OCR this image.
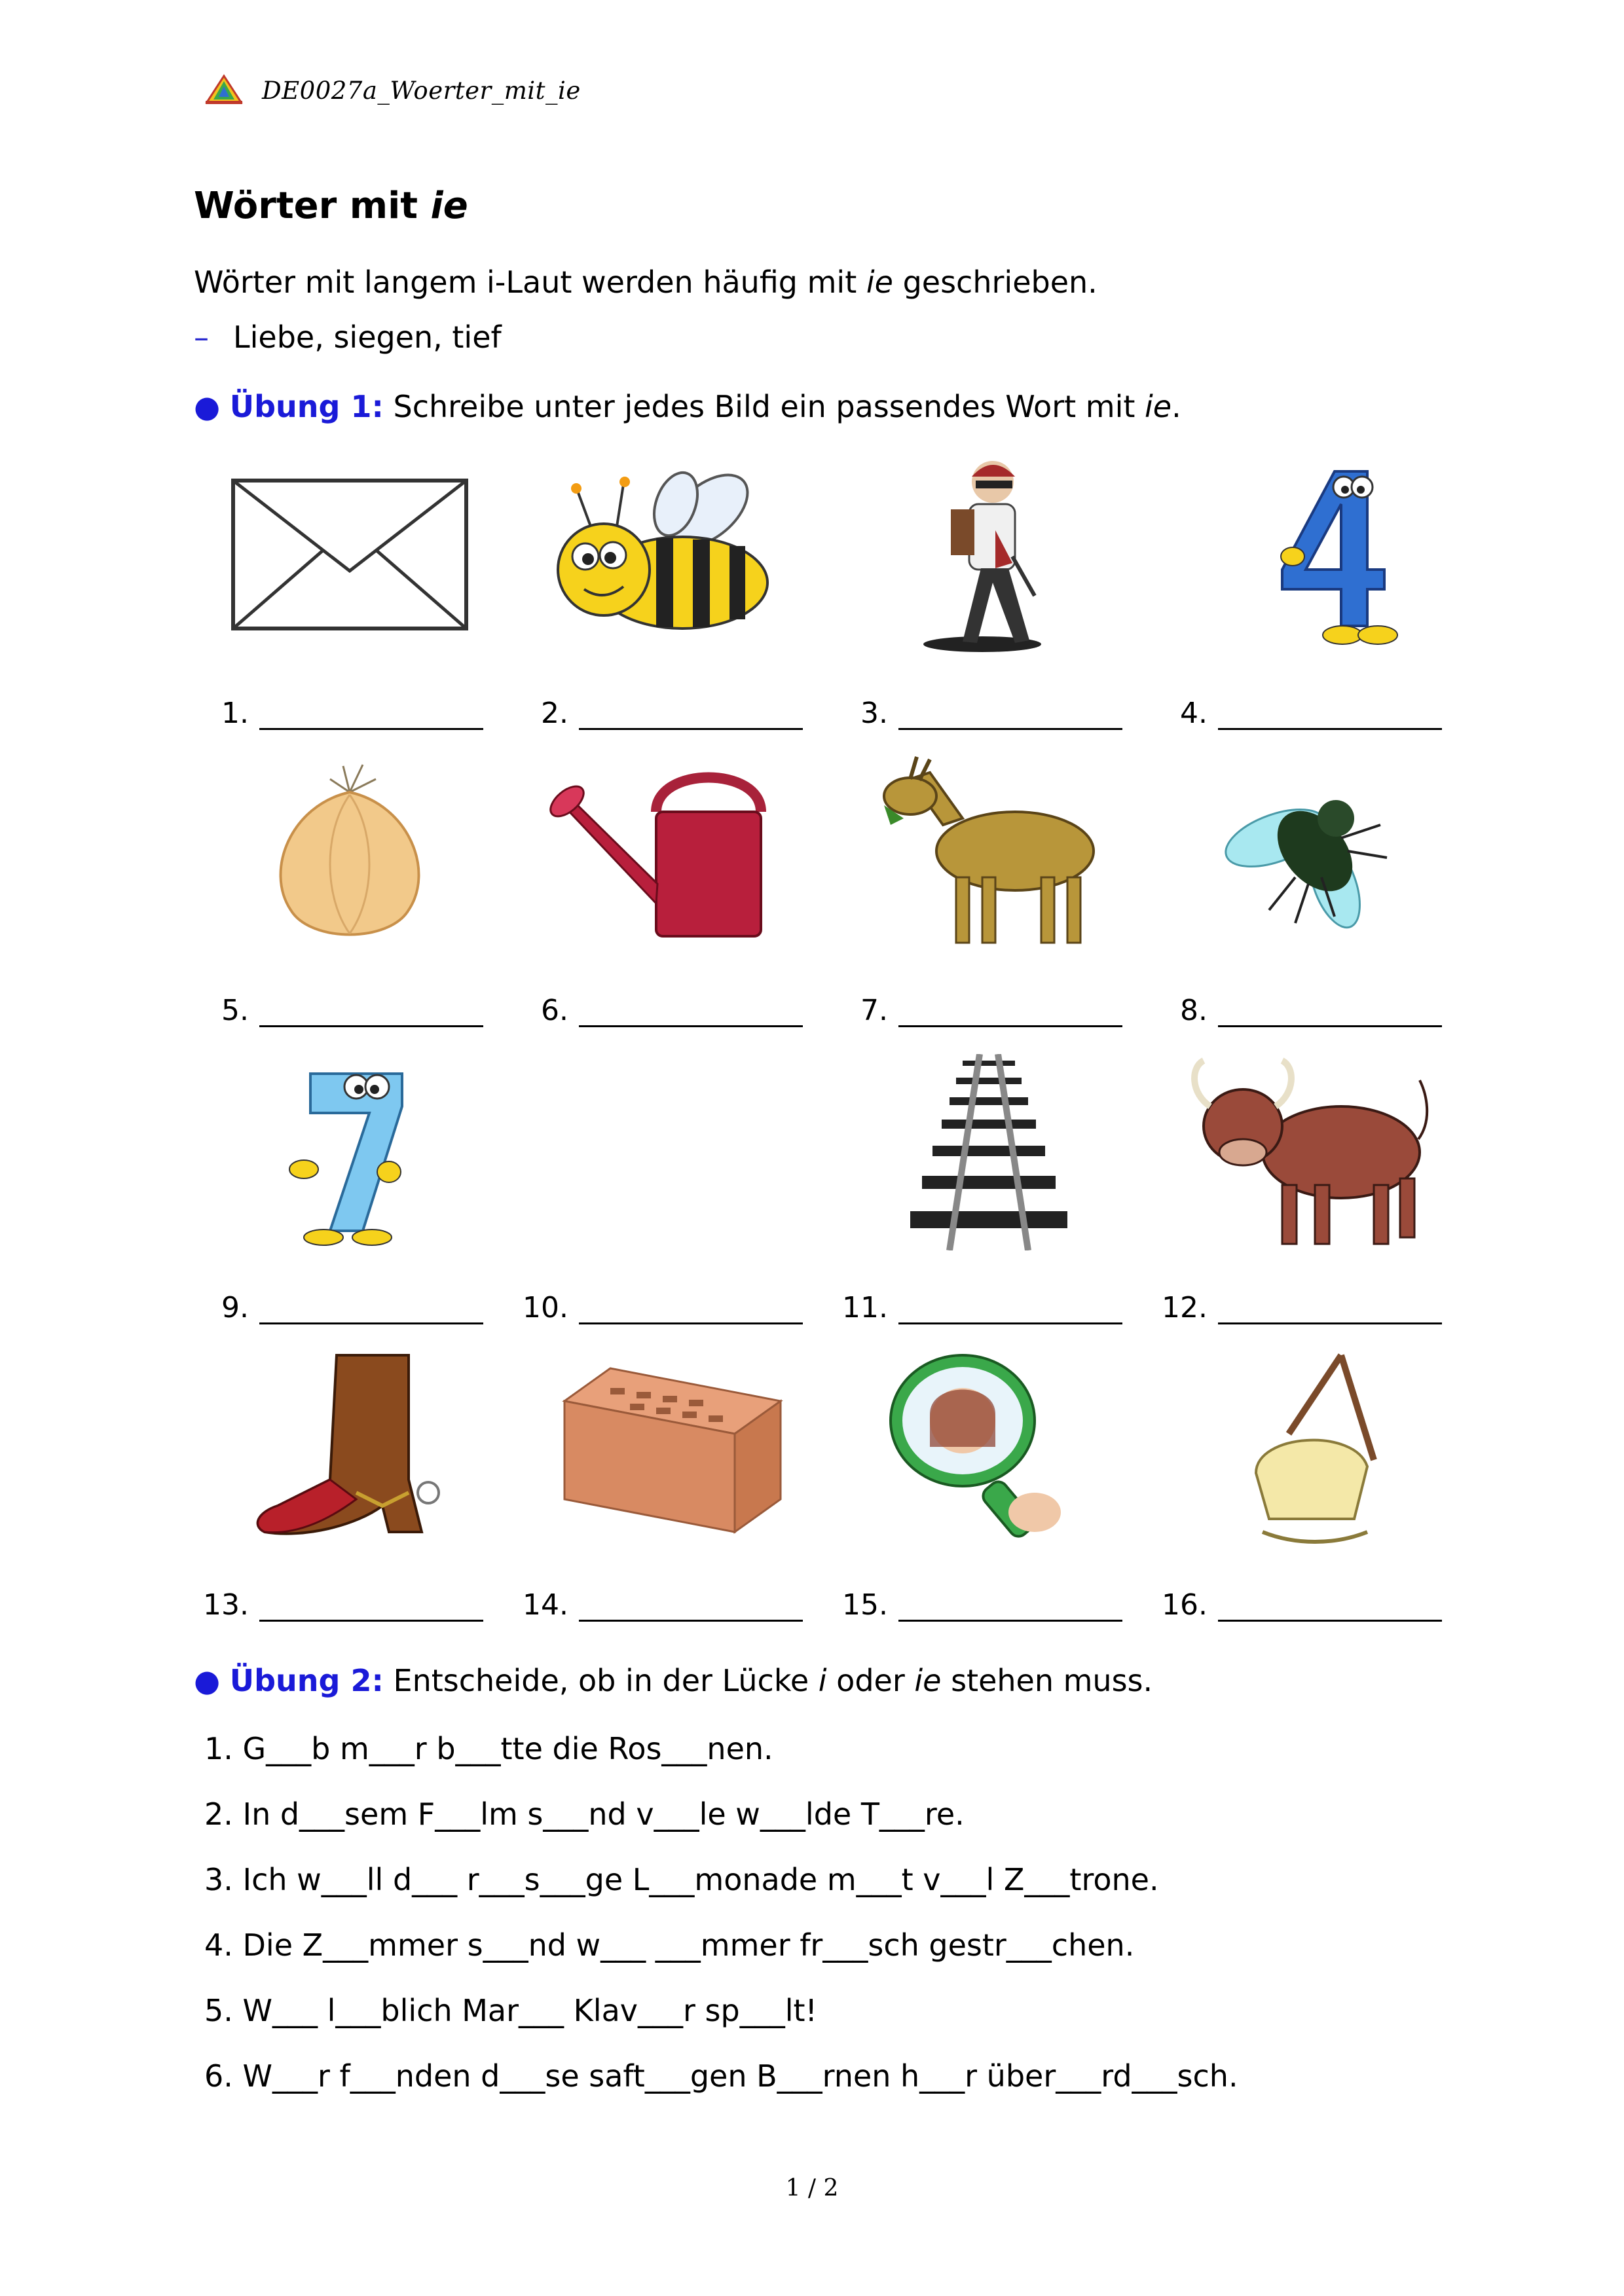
DE0027a_Woerter_mit_ie
Wörter mit ie
Wörter mit langem i-Laut werden häufig mit ie geschrieben.
– Liebe, siegen, tief
● Übung 1: Schreibe unter jedes Bild ein passendes Wort mit ie.
1.	2.	3.	4.
5.	6.	7.	8.
9.	10.	11.	12.
13.	14.	15.	16.
● Übung 2: Entscheide, ob in der Lücke i oder ie stehen muss.
1. G___b m___r b___tte die Ros___nen.
2. In d___sem F___lm s___nd v___le w___lde T___re.
3. Ich w___ll d___ r___s___ge L___monade m___t v___l Z___trone.
4. Die Z___mmer s___nd w___ ___mmer fr___sch gestr___chen.
5. W___ l___blich Mar___ Klav___r sp___lt!
6. W___r f___nden d___se saft___gen B___rnen h___r über___rd___sch.
1 / 2
